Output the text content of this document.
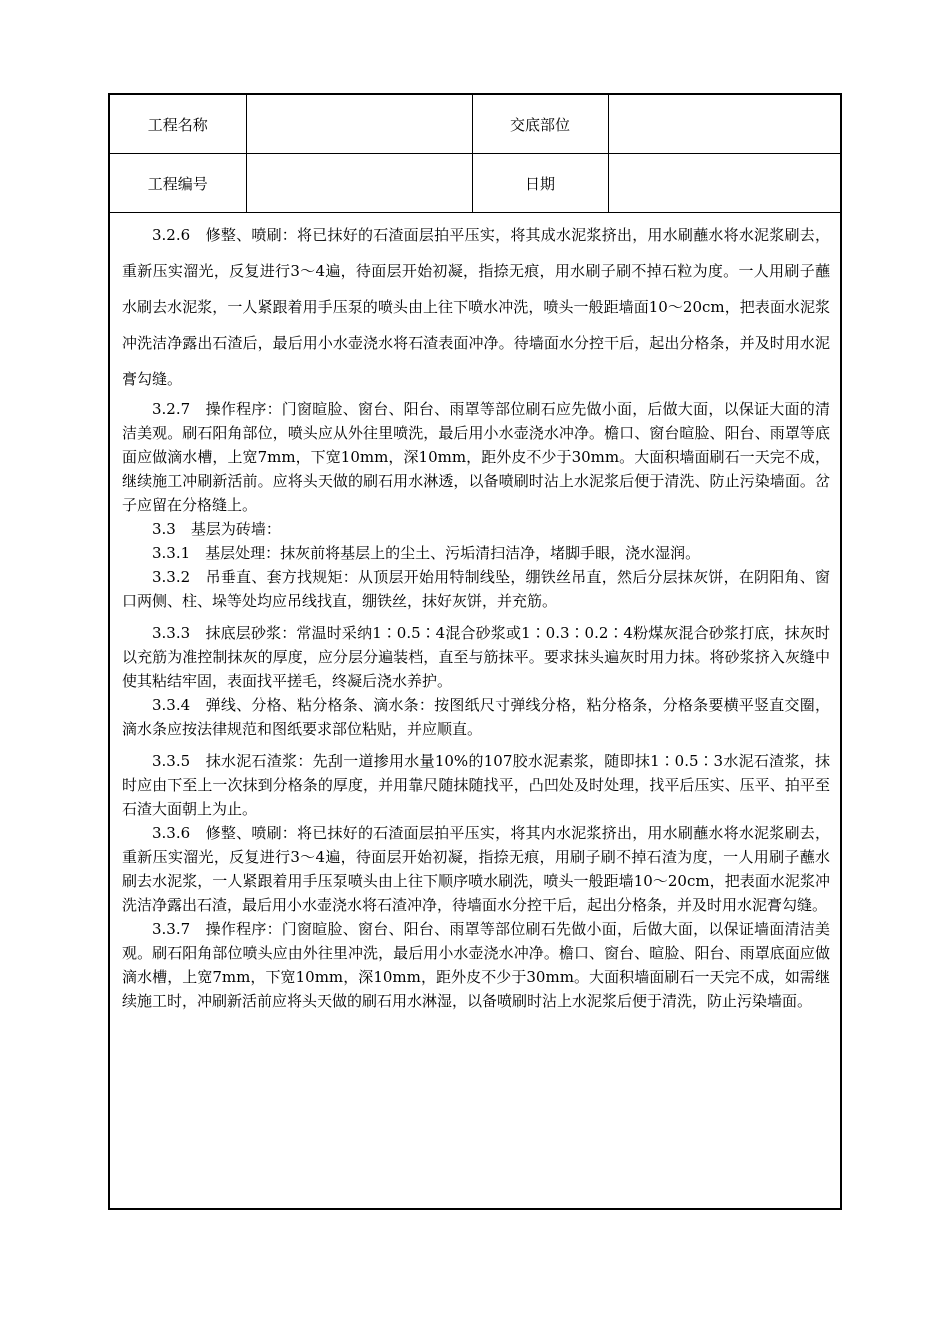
工程名称		交底部位	
工程编号		日期	

3.2.6　修整、喷刷：将已抹好的石渣面层拍平压实，将其成水泥浆挤出，用水刷蘸水将水泥浆刷去，重新压实溜光，反复进行3～4遍，待面层开始初凝，指捺无痕，用水刷子刷不掉石粒为度。一人用刷子蘸水刷去水泥浆，一人紧跟着用手压泵的喷头由上往下喷水冲洗，喷头一般距墙面10～20cm，把表面水泥浆冲洗洁净露出石渣后，最后用小水壶浇水将石渣表面冲净。待墙面水分控干后，起出分格条，并及时用水泥膏勾缝。

3.2.7　操作程序：门窗暄脸、窗台、阳台、雨罩等部位刷石应先做小面，后做大面，以保证大面的清洁美观。刷石阳角部位，喷头应从外往里喷洗，最后用小水壶浇水冲净。檐口、窗台暄脸、阳台、雨罩等底面应做滴水槽，上宽7mm，下宽10mm，深10mm，距外皮不少于30mm。大面积墙面刷石一天完不成，继续施工冲刷新活前。应将头天做的刷石用水淋透，以备喷刷时沾上水泥浆后便于清洗、防止污染墙面。岔子应留在分格缝上。

3.3　基层为砖墙：

3.3.1　基层处理：抹灰前将基层上的尘土、污垢清扫洁净，堵脚手眼，浇水湿润。

3.3.2　吊垂直、套方找规矩：从顶层开始用特制线坠，绷铁丝吊直，然后分层抹灰饼，在阴阳角、窗口两侧、柱、垛等处均应吊线找直，绷铁丝，抹好灰饼，并充筋。

3.3.3　抹底层砂浆：常温时采纳1∶0.5∶4混合砂浆或1∶0.3∶0.2∶4粉煤灰混合砂浆打底，抹灰时以充筋为准控制抹灰的厚度，应分层分遍装档，直至与筋抹平。要求抹头遍灰时用力抹。将砂浆挤入灰缝中使其粘结牢固，表面找平搓毛，终凝后浇水养护。

3.3.4　弹线、分格、粘分格条、滴水条：按图纸尺寸弹线分格，粘分格条，分格条要横平竖直交圈，滴水条应按法律规范和图纸要求部位粘贴，并应顺直。

3.3.5　抹水泥石渣浆：先刮一道掺用水量10%的107胶水泥素浆，随即抹1∶0.5∶3水泥石渣浆，抹时应由下至上一次抹到分格条的厚度，并用靠尺随抹随找平，凸凹处及时处理，找平后压实、压平、拍平至石渣大面朝上为止。

3.3.6　修整、喷刷：将已抹好的石渣面层拍平压实，将其内水泥浆挤出，用水刷蘸水将水泥浆刷去，重新压实溜光，反复进行3～4遍，待面层开始初凝，指捺无痕，用刷子刷不掉石渣为度，一人用刷子蘸水刷去水泥浆，一人紧跟着用手压泵喷头由上往下顺序喷水刷洗，喷头一般距墙10～20cm，把表面水泥浆冲洗洁净露出石渣，最后用小水壶浇水将石渣冲净，待墙面水分控干后，起出分格条，并及时用水泥膏勾缝。

3.3.7　操作程序：门窗暄脸、窗台、阳台、雨罩等部位刷石先做小面，后做大面，以保证墙面清洁美观。刷石阳角部位喷头应由外往里冲洗，最后用小水壶浇水冲净。檐口、窗台、暄脸、阳台、雨罩底面应做滴水槽，上宽7mm，下宽10mm，深10mm，距外皮不少于30mm。大面积墙面刷石一天完不成，如需继续施工时，冲刷新活前应将头天做的刷石用水淋湿，以备喷刷时沾上水泥浆后便于清洗，防止污染墙面。
